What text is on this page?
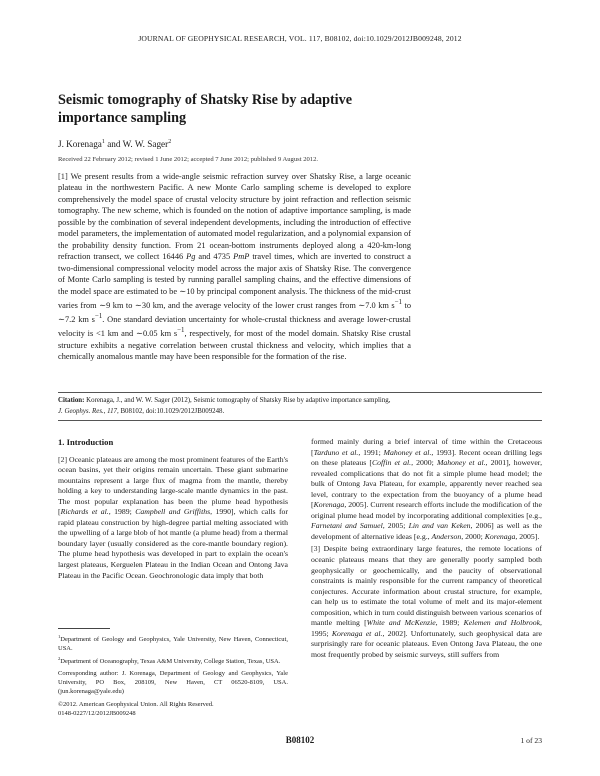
JOURNAL OF GEOPHYSICAL RESEARCH, VOL. 117, B08102, doi:10.1029/2012JB009248, 2012
Seismic tomography of Shatsky Rise by adaptive importance sampling
J. Korenaga$^1$ and W. W. Sager$^2$
Received 22 February 2012; revised 1 June 2012; accepted 7 June 2012; published 9 August 2012.
[1] We present results from a wide-angle seismic refraction survey over Shatsky Rise, a large oceanic plateau in the northwestern Pacific. A new Monte Carlo sampling scheme is developed to explore comprehensively the model space of crustal velocity structure by joint refraction and reflection seismic tomography. The new scheme, which is founded on the notion of adaptive importance sampling, is made possible by the combination of several independent developments, including the introduction of effective model parameters, the implementation of automated model regularization, and a polynomial expansion of the probability density function. From 21 ocean-bottom instruments deployed along a 420-km-long refraction transect, we collect 16446 Pg and 4735 PmP travel times, which are inverted to construct a two-dimensional compressional velocity model across the major axis of Shatsky Rise. The convergence of Monte Carlo sampling is tested by running parallel sampling chains, and the effective dimensions of the model space are estimated to be ∼10 by principal component analysis. The thickness of the mid-crust varies from ∼9 km to ∼30 km, and the average velocity of the lower crust ranges from ∼7.0 km $s^{-1}$ to ∼7.2 km $s^{-1}$. One standard deviation uncertainty for whole-crustal thickness and average lower-crustal velocity is <1 km and ∼0.05 km $s^{-1}$, respectively, for most of the model domain. Shatsky Rise crustal structure exhibits a negative correlation between crustal thickness and velocity, which implies that a chemically anomalous mantle may have been responsible for the formation of the rise.
Citation: Korenaga, J., and W. W. Sager (2012), Seismic tomography of Shatsky Rise by adaptive importance sampling,
J. Geophys. Res., 117, B08102, doi:10.1029/2012JB009248.
1. Introduction

[2] Oceanic plateaus are among the most prominent features of the Earth's ocean basins, yet their origins remain uncertain. These giant submarine mountains represent a large flux of magma from the mantle, thereby holding a key to understanding large-scale mantle dynamics in the past. The most popular explanation has been the plume head hypothesis [Richards et al., 1989; Campbell and Griffiths, 1990], which calls for rapid plateau construction by high-degree partial melting associated with the upwelling of a large blob of hot mantle (a plume head) from a thermal boundary layer (usually considered as the core-mantle boundary region). The plume head hypothesis was developed in part to explain the ocean's largest plateaus, Kerguelen Plateau in the Indian Ocean and Ontong Java Plateau in the Pacific Ocean. Geochronologic data imply that both

$^1$Department of Geology and Geophysics, Yale University, New Haven, Connecticut, USA.
$^2$Department of Oceanography, Texas A&M University, College Station, Texas, USA.

Corresponding author: J. Korenaga, Department of Geology and Geophysics, Yale University, PO Box, 208109, New Haven, CT 06520-8109, USA. (jun.korenaga@yale.edu)

©2012. American Geophysical Union. All Rights Reserved.

0148-0227/12/2012JB009248

formed mainly during a brief interval of time within the Cretaceous [Tarduno et al., 1991; Mahoney et al., 1993]. Recent ocean drilling legs on these plateaus [Coffin et al., 2000; Mahoney et al., 2001], however, revealed complications that do not fit a simple plume head model; the bulk of Ontong Java Plateau, for example, apparently never reached sea level, contrary to the expectation from the buoyancy of a plume head [Korenaga, 2005]. Current research efforts include the modification of the original plume head model by incorporating additional complexities [e.g., Farnetani and Samuel, 2005; Lin and van Keken, 2006] as well as the development of alternative ideas [e.g., Anderson, 2000; Korenaga, 2005].

[3] Despite being extraordinary large features, the remote locations of oceanic plateaus means that they are generally poorly sampled both geophysically or geochemically, and the paucity of observational constraints is mainly responsible for the current rampancy of theoretical conjectures. Accurate information about crustal structure, for example, can help us to estimate the total volume of melt and its major-element composition, which in turn could distinguish between various scenarios of mantle melting [White and McKenzie, 1989; Kelemen and Holbrook, 1995; Korenaga et al., 2002]. Unfortunately, such geophysical data are surprisingly rare for oceanic plateaus. Even Ontong Java Plateau, the one most frequently probed by seismic surveys, still suffers from

B08102	1 of 23
